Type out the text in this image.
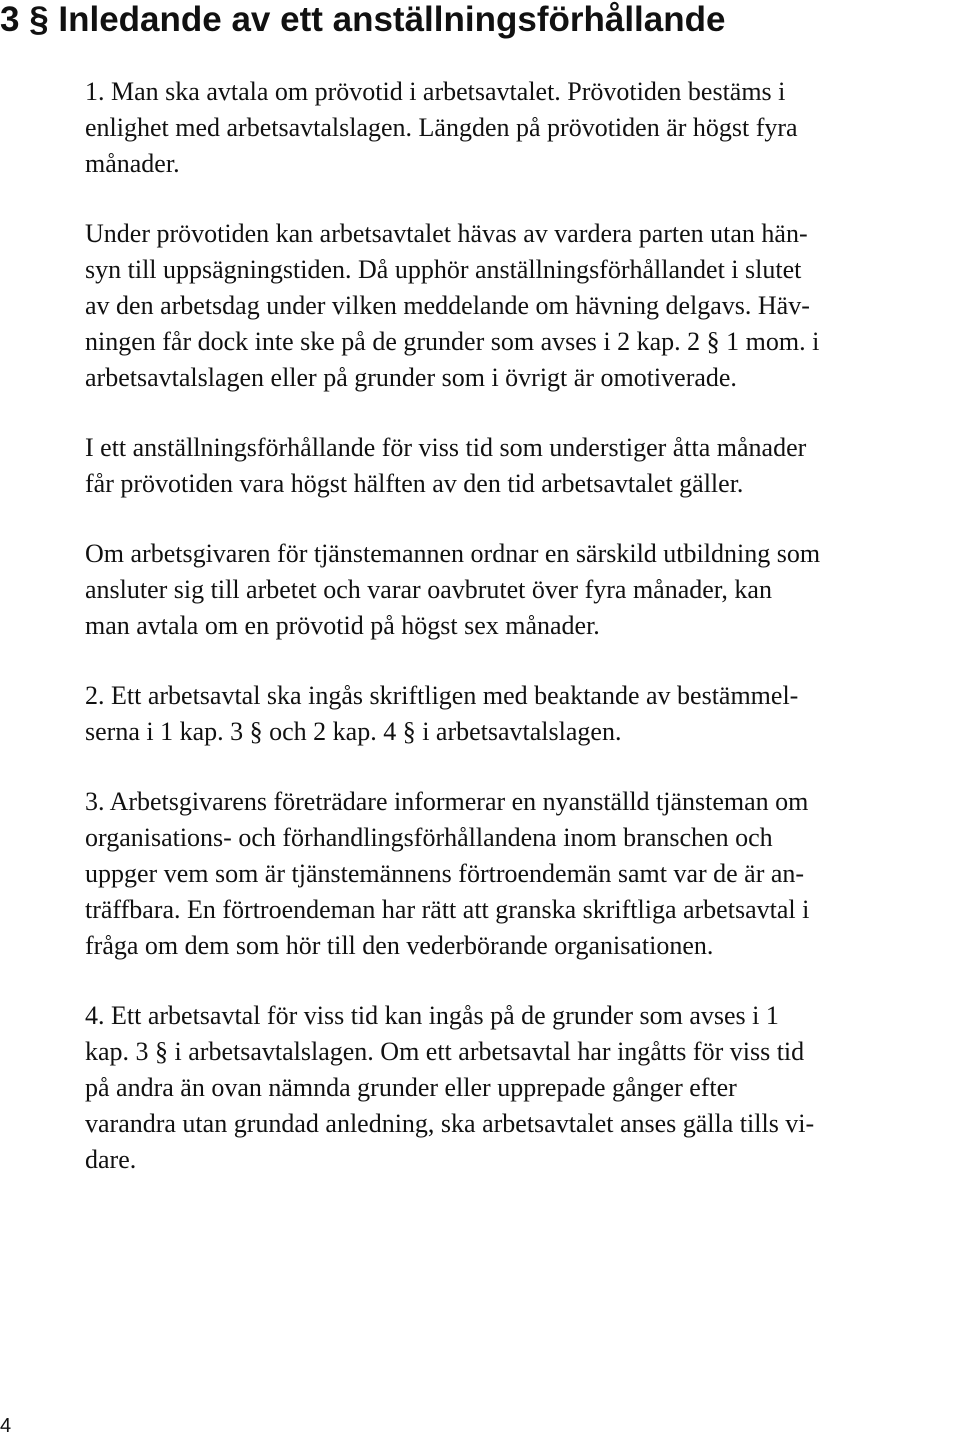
3 § Inledande av ett anställningsförhållande

1. Man ska avtala om prövotid i arbetsavtalet. Prövotiden bestäms i
enlighet med arbetsavtalslagen. Längden på prövotiden är högst fyra
månader.

Under prövotiden kan arbetsavtalet hävas av vardera parten utan hän-
syn till uppsägningstiden. Då upphör anställningsförhållandet i slutet
av den arbetsdag under vilken meddelande om hävning delgavs. Häv-
ningen får dock inte ske på de grunder som avses i 2 kap. 2 § 1 mom. i
arbetsavtalslagen eller på grunder som i övrigt är omotiverade.

I ett anställningsförhållande för viss tid som understiger åtta månader
får prövotiden vara högst hälften av den tid arbetsavtalet gäller.

Om arbetsgivaren för tjänstemannen ordnar en särskild utbildning som
ansluter sig till arbetet och varar oavbrutet över fyra månader, kan
man avtala om en prövotid på högst sex månader.

2. Ett arbetsavtal ska ingås skriftligen med beaktande av bestämmel-
serna i 1 kap. 3 § och 2 kap. 4 § i arbetsavtalslagen.

3. Arbetsgivarens företrädare informerar en nyanställd tjänsteman om
organisations- och förhandlingsförhållandena inom branschen och
uppger vem som är tjänstemännens förtroendemän samt var de är an-
träffbara. En förtroendeman har rätt att granska skriftliga arbetsavtal i
fråga om dem som hör till den vederbörande organisationen.

4. Ett arbetsavtal för viss tid kan ingås på de grunder som avses i 1
kap. 3 § i arbetsavtalslagen. Om ett arbetsavtal har ingåtts för viss tid
på andra än ovan nämnda grunder eller upprepade gånger efter
varandra utan grundad anledning, ska arbetsavtalet anses gälla tills vi-
dare.

4
